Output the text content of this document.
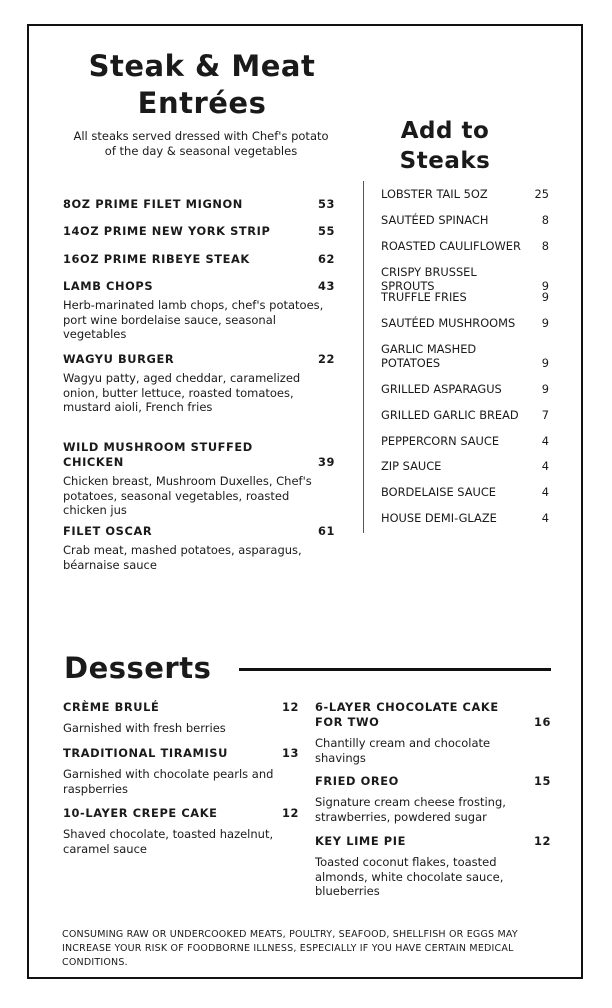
Steak & Meat Entrées

All steaks served dressed with Chef's potato of the day & seasonal vegetables

8OZ PRIME FILET MIGNON	53
14OZ PRIME NEW YORK STRIP	55
16OZ PRIME RIBEYE STEAK	62
LAMB CHOPS	43
Herb-marinated lamb chops, chef's potatoes, port wine bordelaise sauce, seasonal vegetables
WAGYU BURGER	22
Wagyu patty, aged cheddar, caramelized onion, butter lettuce, roasted tomatoes, mustard aioli, French fries
WILD MUSHROOM STUFFED CHICKEN	39
Chicken breast, Mushroom Duxelles, Chef's potatoes, seasonal vegetables, roasted chicken jus
FILET OSCAR	61
Crab meat, mashed potatoes, asparagus, béarnaise sauce
Add to Steaks
LOBSTER TAIL 5OZ	25
SAUTÉED SPINACH	8
ROASTED CAULIFLOWER	8
CRISPY BRUSSEL SPROUTS	9
TRUFFLE FRIES	9
SAUTÉED MUSHROOMS	9
GARLIC MASHED POTATOES	9
GRILLED ASPARAGUS	9
GRILLED GARLIC BREAD	7
PEPPERCORN SAUCE	4
ZIP SAUCE	4
BORDELAISE SAUCE	4
HOUSE DEMI-GLAZE	4
Desserts
CRÈME BRULÉ	12
Garnished with fresh berries
TRADITIONAL TIRAMISU	13
Garnished with chocolate pearls and raspberries
10-LAYER CREPE CAKE	12
Shaved chocolate, toasted hazelnut, caramel sauce
6-LAYER CHOCOLATE CAKE FOR TWO	16
Chantilly cream and chocolate shavings
FRIED OREO	15
Signature cream cheese frosting, strawberries, powdered sugar
KEY LIME PIE	12
Toasted coconut flakes, toasted almonds, white chocolate sauce, blueberries

CONSUMING RAW OR UNDERCOOKED MEATS, POULTRY, SEAFOOD, SHELLFISH OR EGGS MAY INCREASE YOUR RISK OF FOODBORNE ILLNESS, ESPECIALLY IF YOU HAVE CERTAIN MEDICAL CONDITIONS.
